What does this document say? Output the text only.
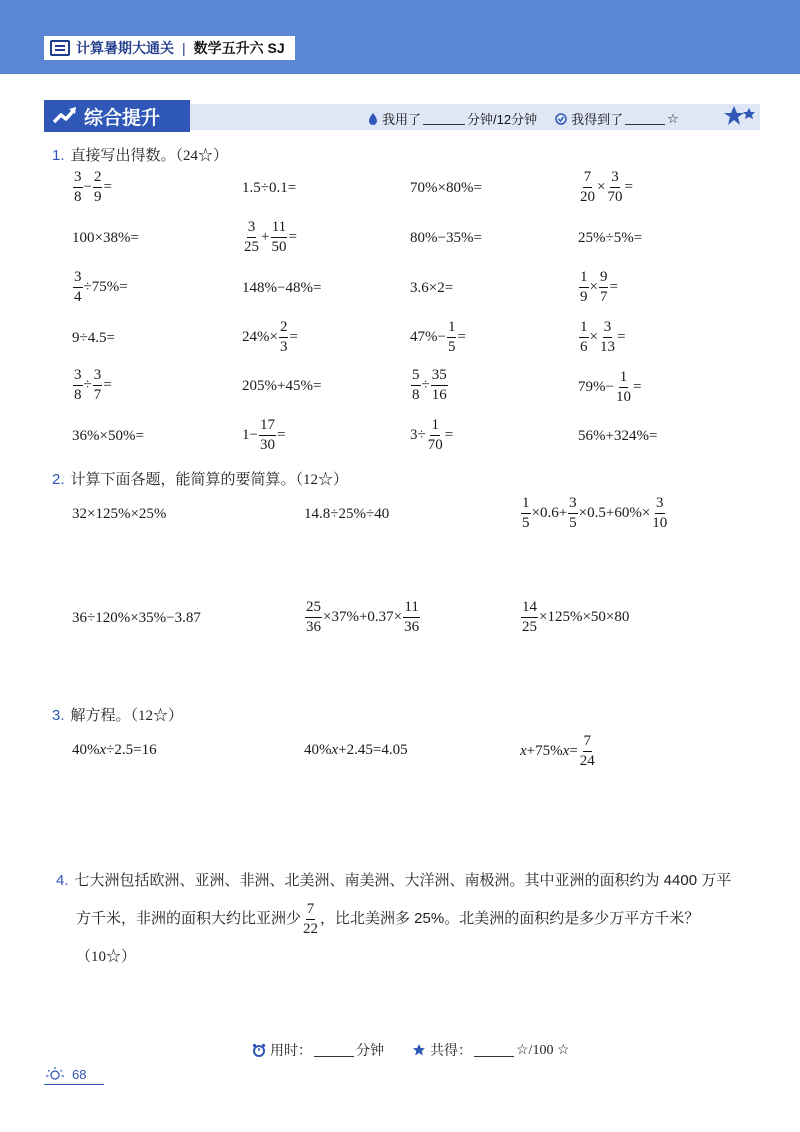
计算暑期大通关 | 数学五升六 SJ
综合提升	我用了	分钟/12分钟	我得到了	☆
1. 直接写出得数。（24☆）
$\frac{3}{8} - \frac{2}{9}$ =	1.5÷0.1=	70%×80%=	$\frac{7}{20} \times \frac{3}{70}$ =
100×38%=	$\frac{3}{25} + \frac{11}{50}$ =	80%−35%=	25%÷5%=
$\frac{3}{4} \div 75\%=$	148%−48%=	3.6×2=	$\frac{1}{9} \times \frac{9}{7}$ =
9÷4.5=	$24\%\times \frac{2}{3}$ =	$47\%- \frac{1}{5}$ =	$\frac{1}{6} \times \frac{3}{13}$ =
$\frac{3}{8} \div \frac{3}{7}$ =	205%+45%=	$\frac{5}{8} \div \frac{35}{16}$	$79\%- \frac{1}{10}$ =
36%×50%=	$1- \frac{17}{30}$ =	$3\div \frac{1}{70}$ =	56%+324%=
2. 计算下面各题，能简算的要简算。（12☆）
32×125%×25%	14.8÷25%÷40	$\frac{1}{5} \times 0.6+ \frac{3}{5} \times 0.5+60\%\times \frac{3}{10}$
36÷120%×35%−3.87	$\frac{25}{36} \times 37\%+0.37\times \frac{11}{36}$	$\frac{14}{25} \times 125\%\times 50\times 80$
3. 解方程。（12☆）
40% x ÷2.5=16	40% x +2.45=4.05	x +75% $x = \frac{7}{24}$
4. 七大洲包括欧洲、亚洲、非洲、北美洲、南美洲、大洋洲、南极洲。其中亚洲的面积约为 4400 万平
方千米，非洲的面积大约比亚洲少 $\frac{7}{22}$ ，比北美洲多 25%。北美洲的面积约是多少万平方千米？
（10☆）
用时：	分钟	共得：	☆/100 ☆
68
